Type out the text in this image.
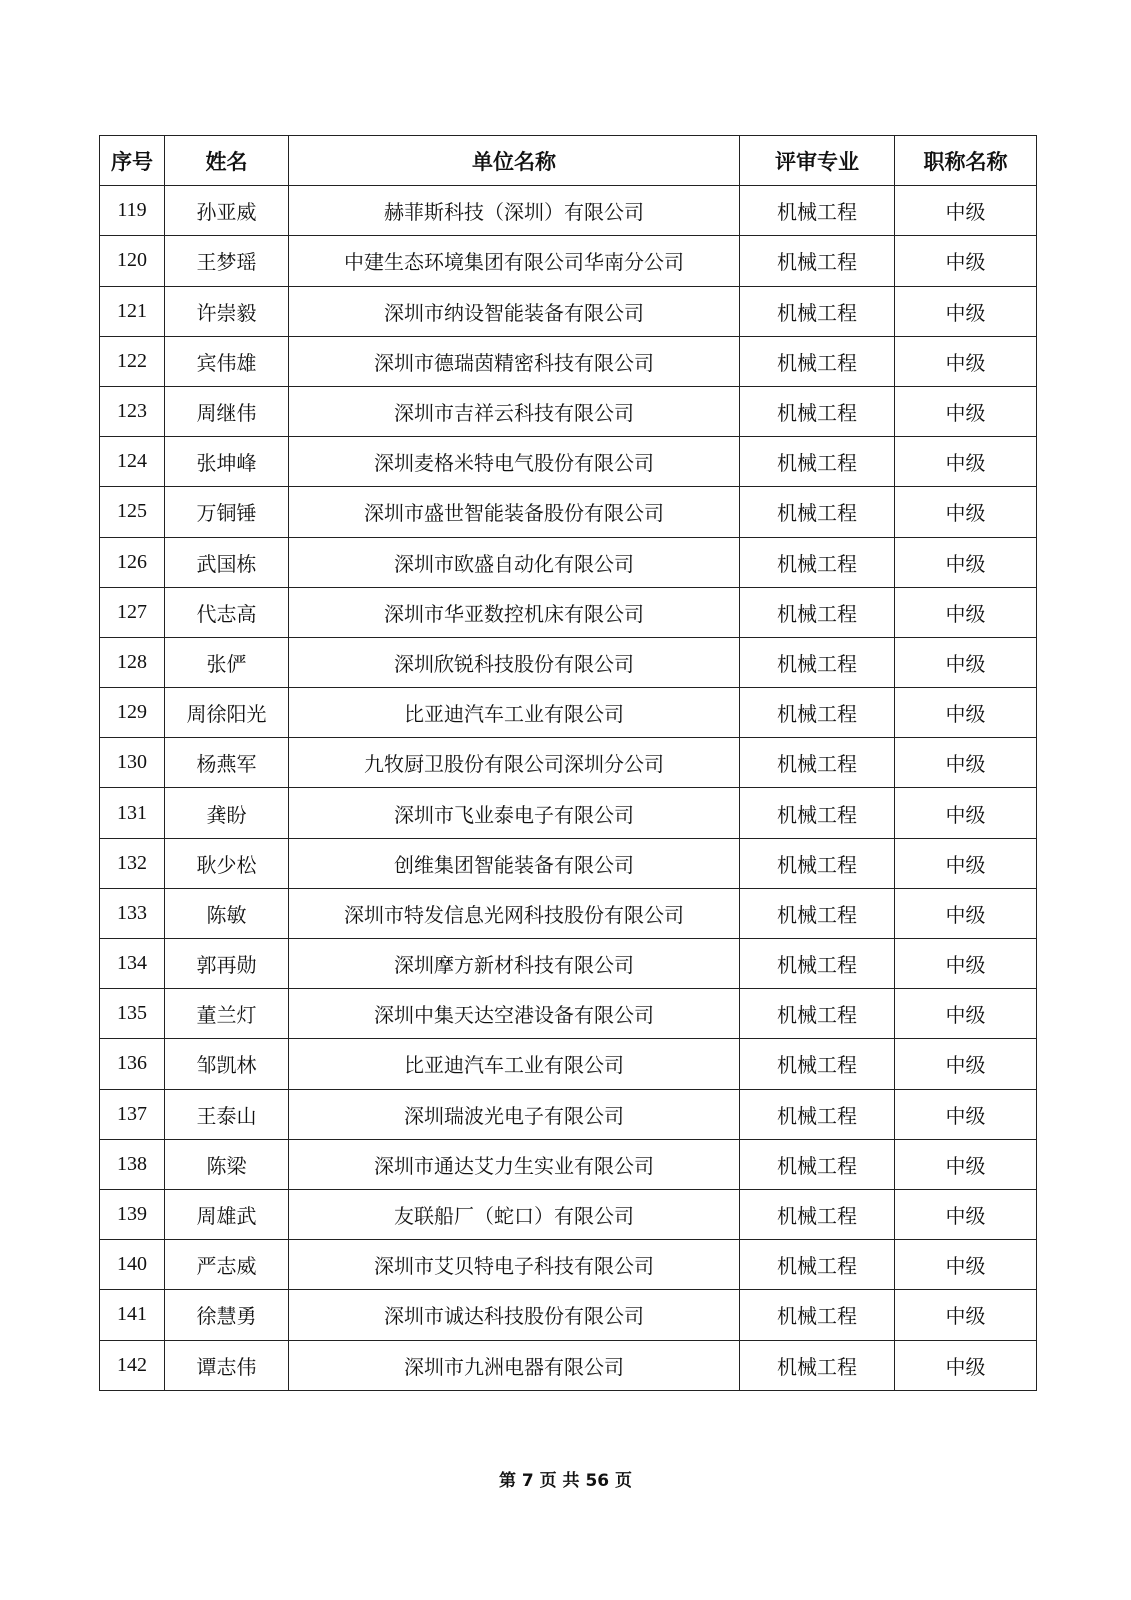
序号	姓名	单位名称	评审专业	职称名称
119	孙亚威	赫菲斯科技（深圳）有限公司	机械工程	中级
120	王梦瑶	中建生态环境集团有限公司华南分公司	机械工程	中级
121	许崇毅	深圳市纳设智能装备有限公司	机械工程	中级
122	宾伟雄	深圳市德瑞茵精密科技有限公司	机械工程	中级
123	周继伟	深圳市吉祥云科技有限公司	机械工程	中级
124	张坤峰	深圳麦格米特电气股份有限公司	机械工程	中级
125	万铜锤	深圳市盛世智能装备股份有限公司	机械工程	中级
126	武国栋	深圳市欧盛自动化有限公司	机械工程	中级
127	代志高	深圳市华亚数控机床有限公司	机械工程	中级
128	张俨	深圳欣锐科技股份有限公司	机械工程	中级
129	周徐阳光	比亚迪汽车工业有限公司	机械工程	中级
130	杨燕军	九牧厨卫股份有限公司深圳分公司	机械工程	中级
131	龚盼	深圳市飞业泰电子有限公司	机械工程	中级
132	耿少松	创维集团智能装备有限公司	机械工程	中级
133	陈敏	深圳市特发信息光网科技股份有限公司	机械工程	中级
134	郭再勋	深圳摩方新材科技有限公司	机械工程	中级
135	董兰灯	深圳中集天达空港设备有限公司	机械工程	中级
136	邹凯林	比亚迪汽车工业有限公司	机械工程	中级
137	王泰山	深圳瑞波光电子有限公司	机械工程	中级
138	陈梁	深圳市通达艾力生实业有限公司	机械工程	中级
139	周雄武	友联船厂（蛇口）有限公司	机械工程	中级
140	严志威	深圳市艾贝特电子科技有限公司	机械工程	中级
141	徐慧勇	深圳市诚达科技股份有限公司	机械工程	中级
142	谭志伟	深圳市九洲电器有限公司	机械工程	中级
第 7 页 共 56 页
